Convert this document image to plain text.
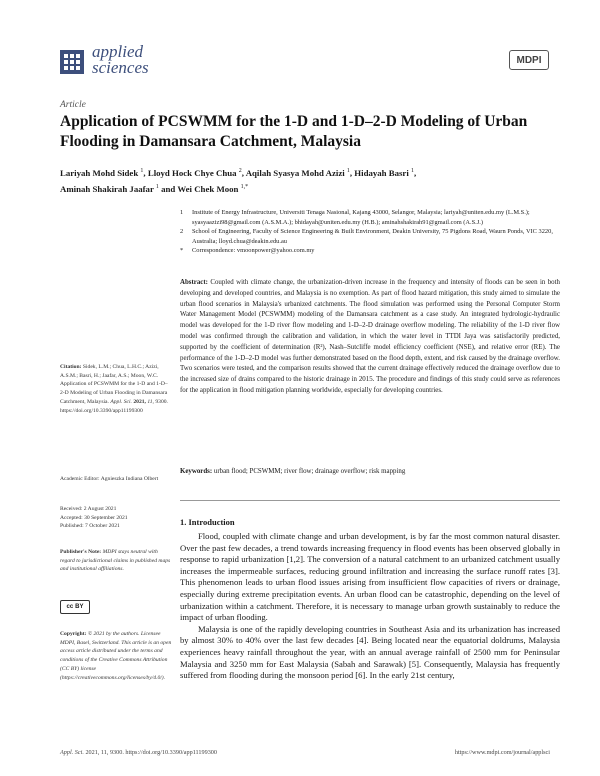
applied
sciences	MDPI
Article
Application of PCSWMM for the 1-D and 1-D–2-D Modeling of Urban Flooding in Damansara Catchment, Malaysia
Lariyah Mohd Sidek $^1$, Lloyd Hock Chye Chua $^2$, Aqilah Syasya Mohd Azizi $^1$, Hidayah Basri $^1$,
Aminah Shakirah Jaafar $^1$ and Wei Chek Moon $^{1,*}$
1 Institute of Energy Infrastructure, Universiti Tenaga Nasional, Kajang 43000, Selangor, Malaysia; lariyah@uniten.edu.my (L.M.S.); syasyaazizi98@gmail.com (A.S.M.A.); bhidayah@uniten.edu.my (H.B.); aminahshakirah91@gmail.com (A.S.J.)
2 School of Engineering, Faculty of Science Engineering & Built Environment, Deakin University, 75 Pigdons Road, Waurn Ponds, VIC 3220, Australia; lloyd.chua@deakin.edu.au
* Correspondence: vmoonpower@yahoo.com.my
Abstract: Coupled with climate change, the urbanization-driven increase in the frequency and intensity of floods can be seen in both developing and developed countries, and Malaysia is no exemption. As part of flood hazard mitigation, this study aimed to simulate the urban flood scenarios in Malaysia's urbanized catchments. The flood simulation was performed using the Personal Computer Storm Water Management Model (PCSWMM) modeling of the Damansara catchment as a case study. An integrated hydrologic-hydraulic model was developed for the 1-D river flow modeling and 1-D–2-D drainage overflow modeling. The reliability of the 1-D river flow model was confirmed through the calibration and validation, in which the water level in TTDI Jaya was satisfactorily predicted, supported by the coefficient of determination (R²), Nash–Sutcliffe model efficiency coefficient (NSE), and relative error (RE). The performance of the 1-D–2-D model was further demonstrated based on the flood depth, extent, and risk caused by the drainage overflow. Two scenarios were tested, and the comparison results showed that the current drainage effectively reduced the drainage overflow due to the increased size of drains compared to the historic drainage in 2015. The procedure and findings of this study could serve as references for the application in flood mitigation planning worldwide, especially for developing countries.
Keywords: urban flood; PCSWMM; river flow; drainage overflow; risk mapping
Citation: Sidek, L.M.; Chua, L.H.C.; Azizi, A.S.M.; Basri, H.; Jaafar, A.S.; Moon, W.C. Application of PCSWMM for the 1-D and 1-D–2-D Modeling of Urban Flooding in Damansara Catchment, Malaysia. Appl. Sci. 2021, 11, 9300. https://doi.org/10.3390/app11199300
Academic Editor: Agnieszka Indiana Olbert
Received: 2 August 2021
Accepted: 30 September 2021
Published: 7 October 2021
Publisher's Note: MDPI stays neutral with regard to jurisdictional claims in published maps and institutional affiliations.
cc BY
Copyright: © 2021 by the authors. Licensee MDPI, Basel, Switzerland. This article is an open access article distributed under the terms and conditions of the Creative Commons Attribution (CC BY) license (https://creativecommons.org/licenses/by/4.0/).
1. Introduction

Flood, coupled with climate change and urban development, is by far the most common natural disaster. Over the past few decades, a trend towards increasing frequency in flood events has been observed globally in response to rapid urbanization [1,2]. The conversion of a natural catchment to an urbanized catchment usually increases the impermeable surfaces, reducing ground infiltration and increasing the surface runoff rates [3]. This phenomenon leads to urban flood issues arising from insufficient flow capacities of rivers or drainage, especially during extreme precipitation events. An urban flood can be catastrophic, depending on the level of urbanization within a catchment. Therefore, it is necessary to manage urban growth sustainably to reduce the impact of urban flooding.

Malaysia is one of the rapidly developing countries in Southeast Asia and its urbanization has increased by almost 30% to 40% over the last few decades [4]. Being located near the equatorial doldrums, Malaysia experiences heavy rainfall throughout the year, with an annual average rainfall of 2500 mm for Peninsular Malaysia and 3250 mm for East Malaysia (Sabah and Sarawak) [5]. Consequently, Malaysia has frequently suffered from flooding during the monsoon period [6]. In the early 21st century,

Appl. Sci. 2021, 11, 9300. https://doi.org/10.3390/app11199300	https://www.mdpi.com/journal/applsci
